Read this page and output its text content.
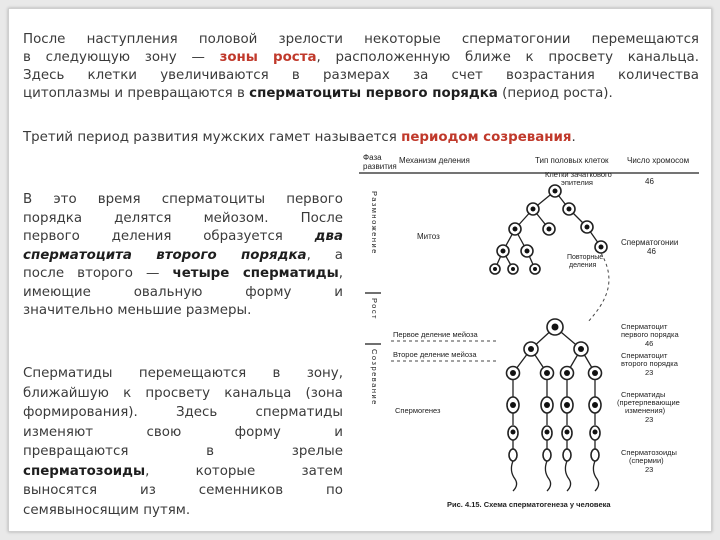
После наступления половой зрелости некоторые сперматогонии перемещаются
в следующую зону — зоны роста, расположенную ближе к просвету канальца.
Здесь клетки увеличиваются в размерах за счет возрастания количества
цитоплазмы и превращаются в сперматоциты первого порядка (период роста).
Третий период развития мужских гамет называется периодом созревания.
В это время сперматоциты первого
порядка делятся мейозом. После
первого деления образуется два
сперматоцита второго порядка, а
после второго — четыре сперматиды,
имеющие овальную форму и
значительно меньшие размеры.
Сперматиды перемещаются в зону,
ближайшую к просвету канальца (зона
формирования). Здесь сперматиды
изменяют свою форму и
превращаются в зрелые
сперматозоиды, которые затем
выносятся из семенников по
семявыносящим путям.
Фаза
развития
Механизм деления	Тип половых клеток Число хромосом
Размножение
Рост
Созревание
Митоз
Первое деление мейоза
Второе деление мейоза
Спермогенез
Клетки зачаткового
эпителия	46
Повторные
деления
Сперматогонии
46
Сперматоцит
первого порядка
46
Сперматоцит
второго порядка
23
Сперматиды
(претерпевающие
изменения)
23
Сперматозоиды
(спермии)
23
Рис. 4.15. Схема сперматогенеза у человека
